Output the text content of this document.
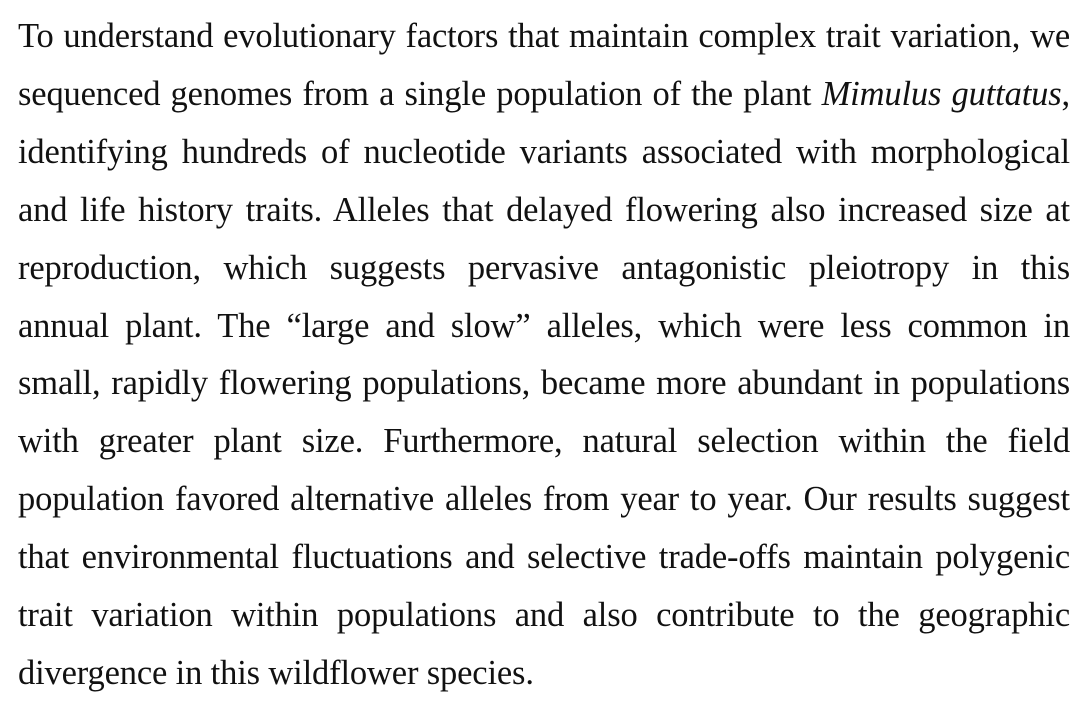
To understand evolutionary factors that maintain complex trait variation, we sequenced genomes from a single population of the plant Mimulus guttatus, identifying hundreds of nucleotide variants associated with morphological and life history traits. Alleles that delayed flowering also increased size at reproduction, which suggests pervasive antagonistic pleiotropy in this annual plant. The “large and slow” alleles, which were less common in small, rapidly flowering populations, became more abundant in populations with greater plant size. Furthermore, natural selection within the field population favored alternative alleles from year to year. Our results suggest that environmental fluctuations and selective trade-offs maintain polygenic trait variation within populations and also contribute to the geographic divergence in this wildflower species.
